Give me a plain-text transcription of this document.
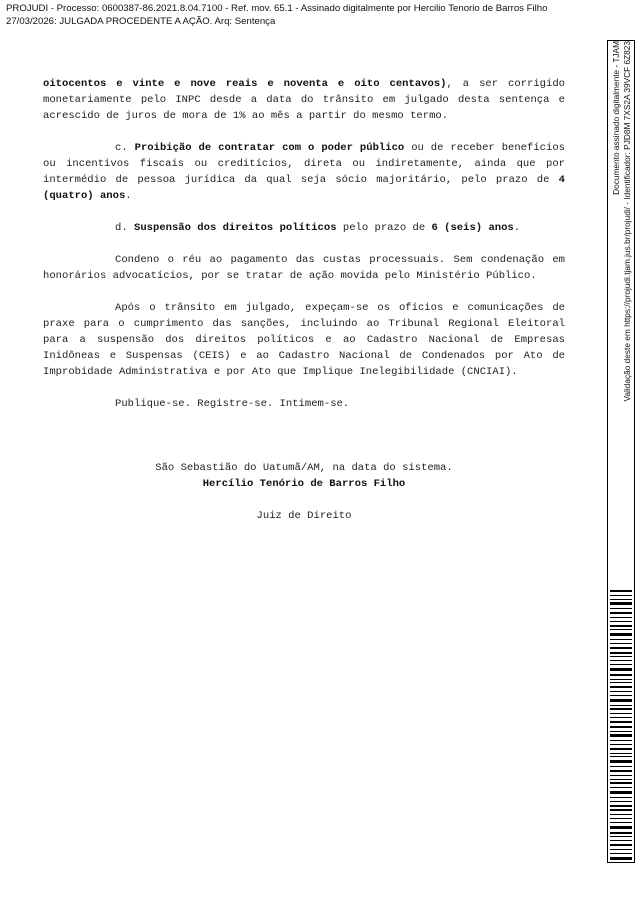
PROJUDI - Processo: 0600387-86.2021.8.04.7100 - Ref. mov. 65.1 - Assinado digitalmente por Hercilio Tenorio de Barros Filho
27/03/2026: JULGADA PROCEDENTE A AÇÃO. Arq: Sentença

oitocentos e vinte e nove reais e noventa e oito centavos), a ser corrigido monetariamente pelo INPC desde a data do trânsito em julgado desta sentença e acrescido de juros de mora de 1% ao mês a partir do mesmo termo.

c. Proibição de contratar com o poder público ou de receber benefícios ou incentivos fiscais ou creditícios, direta ou indiretamente, ainda que por intermédio de pessoa jurídica da qual seja sócio majoritário, pelo prazo de 4 (quatro) anos.

d. Suspensão dos direitos políticos pelo prazo de 6 (seis) anos.

Condeno o réu ao pagamento das custas processuais. Sem condenação em honorários advocatícios, por se tratar de ação movida pelo Ministério Público.

Após o trânsito em julgado, expeçam-se os ofícios e comunicações de praxe para o cumprimento das sanções, incluindo ao Tribunal Regional Eleitoral para a suspensão dos direitos políticos e ao Cadastro Nacional de Empresas Inidôneas e Suspensas (CEIS) e ao Cadastro Nacional de Condenados por Ato de Improbidade Administrativa e por Ato que Implique Inelegibilidade (CNCIAI).

Publique-se. Registre-se. Intimem-se.

São Sebastião do Uatumã/AM, na data do sistema.

Hercílio Tenório de Barros Filho

Juiz de Direito

Documento assinado digitalmente - TJAM Validação deste em https://projudi.tjam.jus.br/projudi/ - Identificador: PJD8M 7XS2A 39VCF 6Z823
